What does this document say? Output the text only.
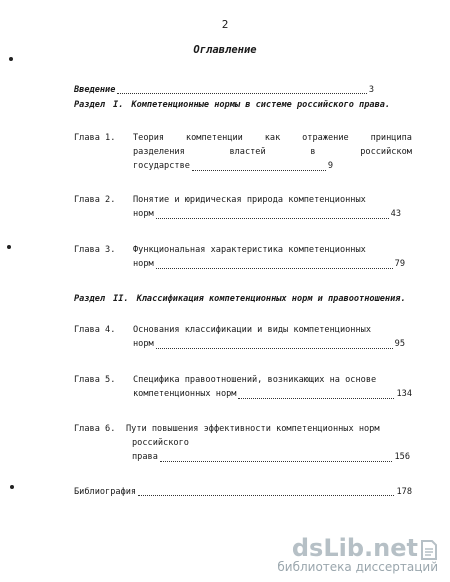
2
Оглавление
Введение	3
Раздел I. Компетенционные нормы в системе российского права.
Глава 1. Теория	компетенции	как	отражение	принципа
разделения	властей	в	российском
государстве	9
Глава 2. Понятие и юридическая природа компетенционных
норм	43
Глава 3. Функциональная характеристика компетенционных
норм	79
Раздел II. Классификация компетенционных норм и правоотношения.
Глава 4. Основания классификации и виды компетенционных
норм	95
Глава 5. Специфика правоотношений, возникающих на основе
компетенционных норм	134
Глава 6. Пути повышения эффективности компетенционных норм
российского
права	156
Библиография	178
dsLib.net
библиотека диссертаций
